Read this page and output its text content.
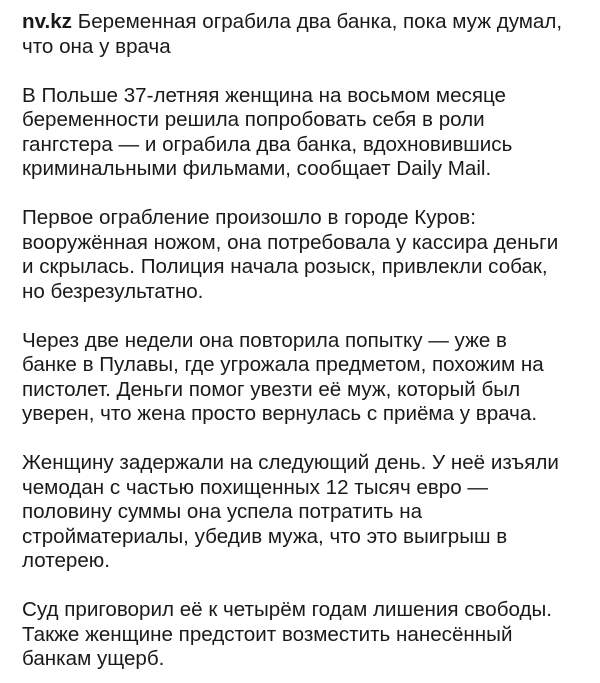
nv.kz Беременная ограбила два банка, пока муж думал,
что она у врача

В Польше 37-летняя женщина на восьмом месяце
беременности решила попробовать себя в роли
гангстера — и ограбила два банка, вдохновившись
криминальными фильмами, сообщает Daily Mail.

Первое ограбление произошло в городе Куров:
вооружённая ножом, она потребовала у кассира деньги
и скрылась. Полиция начала розыск, привлекли собак,
но безрезультатно.

Через две недели она повторила попытку — уже в
банке в Пулавы, где угрожала предметом, похожим на
пистолет. Деньги помог увезти её муж, который был
уверен, что жена просто вернулась с приёма у врача.

Женщину задержали на следующий день. У неё изъяли
чемодан с частью похищенных 12 тысяч евро —
половину суммы она успела потратить на
стройматериалы, убедив мужа, что это выигрыш в
лотерею.

Суд приговорил её к четырём годам лишения свободы.
Также женщине предстоит возместить нанесённый
банкам ущерб.
